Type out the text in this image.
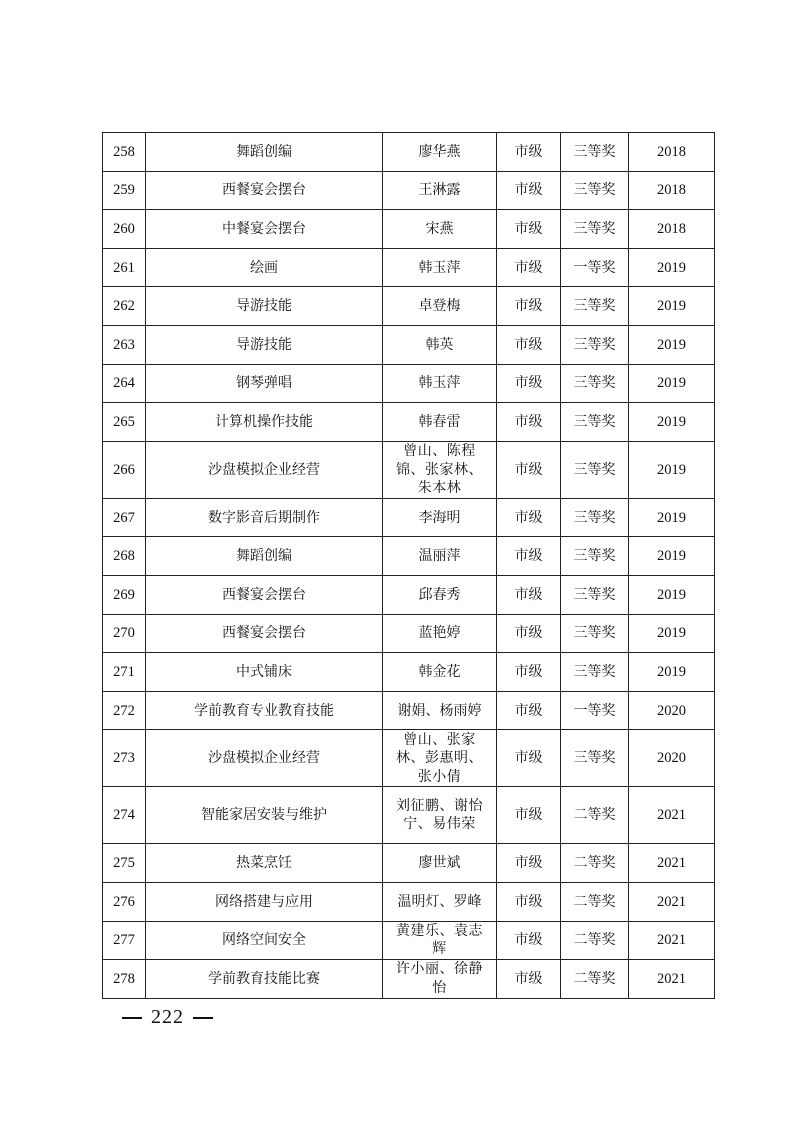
258	舞蹈创编	廖华燕	市级	三等奖	2018
259	西餐宴会摆台	王淋露	市级	三等奖	2018
260	中餐宴会摆台	宋燕	市级	三等奖	2018
261	绘画	韩玉萍	市级	一等奖	2019
262	导游技能	卓登梅	市级	三等奖	2019
263	导游技能	韩英	市级	三等奖	2019
264	钢琴弹唱	韩玉萍	市级	三等奖	2019
265	计算机操作技能	韩春雷	市级	三等奖	2019
266	沙盘模拟企业经营	曾山、陈程锦、张家林、朱本林	市级	三等奖	2019
267	数字影音后期制作	李海明	市级	三等奖	2019
268	舞蹈创编	温丽萍	市级	三等奖	2019
269	西餐宴会摆台	邱春秀	市级	三等奖	2019
270	西餐宴会摆台	蓝艳婷	市级	三等奖	2019
271	中式铺床	韩金花	市级	三等奖	2019
272	学前教育专业教育技能	谢娟、杨雨婷	市级	一等奖	2020
273	沙盘模拟企业经营	曾山、张家林、彭惠明、张小倩	市级	三等奖	2020
274	智能家居安装与维护	刘征鹏、谢怡宁、易伟荣	市级	二等奖	2021
275	热菜烹饪	廖世斌	市级	二等奖	2021
276	网络搭建与应用	温明灯、罗峰	市级	二等奖	2021
277	网络空间安全	黄建乐、袁志辉	市级	二等奖	2021
278	学前教育技能比赛	许小丽、徐静怡	市级	二等奖	2021
222
